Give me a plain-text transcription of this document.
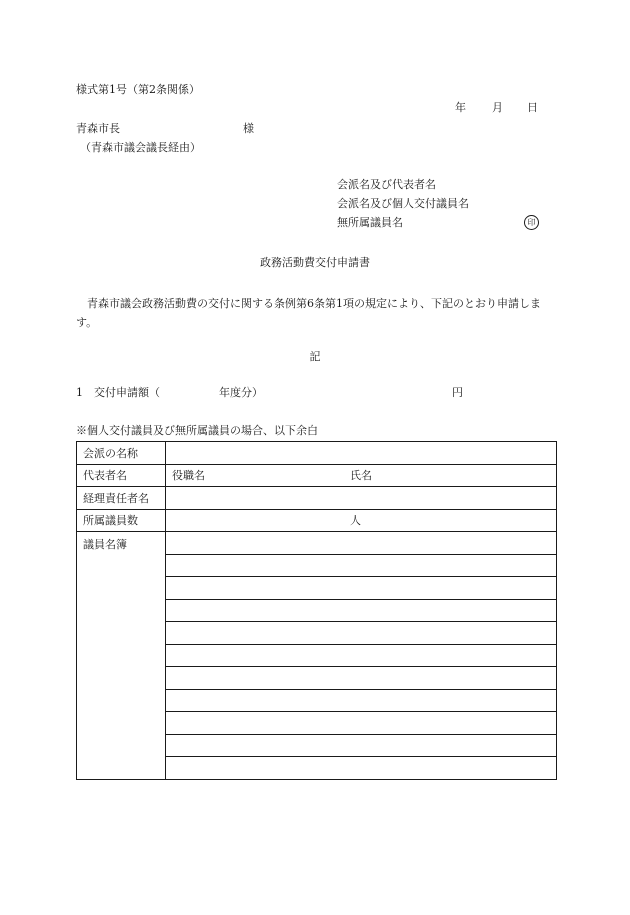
様式第1号（第2条関係）
年 月 日
青森市長	様
（青森市議会議長経由）
会派名及び代表者名
会派名及び個人交付議員名
無所属議員名	印
政務活動費交付申請書
青森市議会政務活動費の交付に関する条例第6条第1項の規定により、下記のとおり申請します。
記
1　交付申請額（	年度分）	円
※個人交付議員及び無所属議員の場合、以下余白
会派の名称	
代表者名	役職名 氏名

経理責任者名	
所属議員数	人

議員名簿	
